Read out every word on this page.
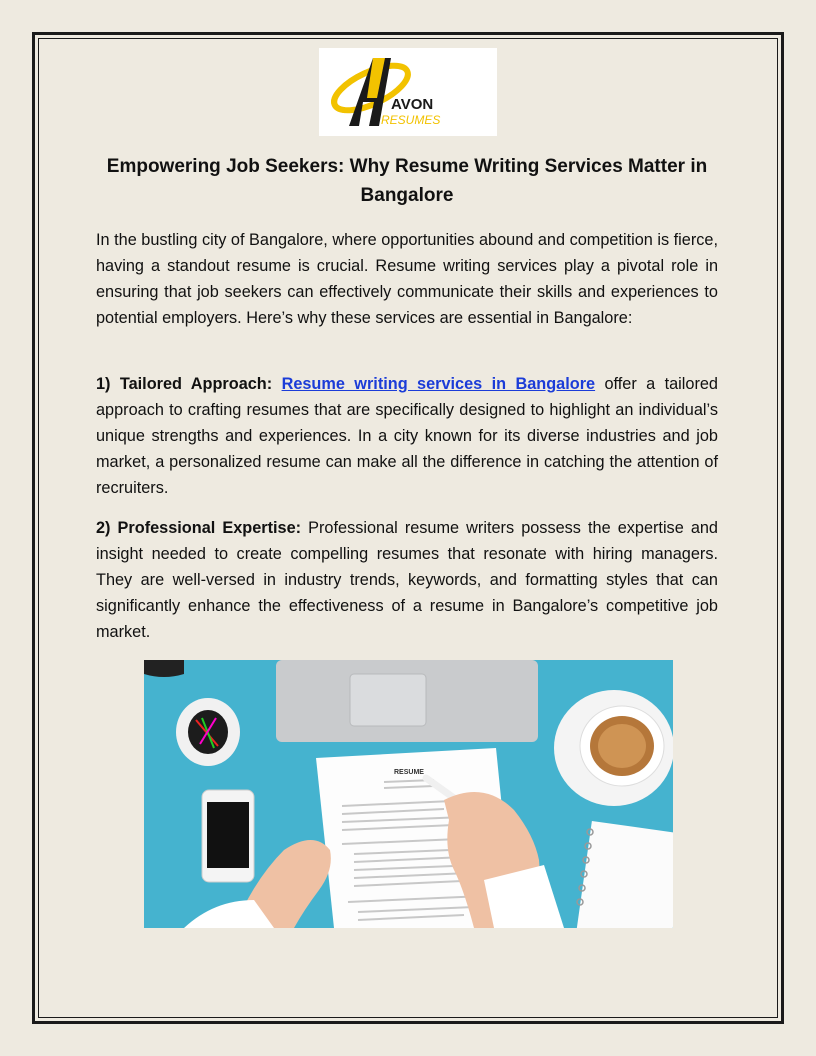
AVON
RESUMES
Empowering Job Seekers: Why Resume Writing Services Matter in Bangalore

In the bustling city of Bangalore, where opportunities abound and competition is fierce, having a standout resume is crucial. Resume writing services play a pivotal role in ensuring that job seekers can effectively communicate their skills and experiences to potential employers. Here’s why these services are essential in Bangalore:

1) Tailored Approach: Resume writing services in Bangalore offer a tailored approach to crafting resumes that are specifically designed to highlight an individual’s unique strengths and experiences. In a city known for its diverse industries and job market, a personalized resume can make all the difference in catching the attention of recruiters.

2) Professional Expertise: Professional resume writers possess the expertise and insight needed to create compelling resumes that resonate with hiring managers. They are well-versed in industry trends, keywords, and formatting styles that can significantly enhance the effectiveness of a resume in Bangalore’s competitive job market.

RESUME
